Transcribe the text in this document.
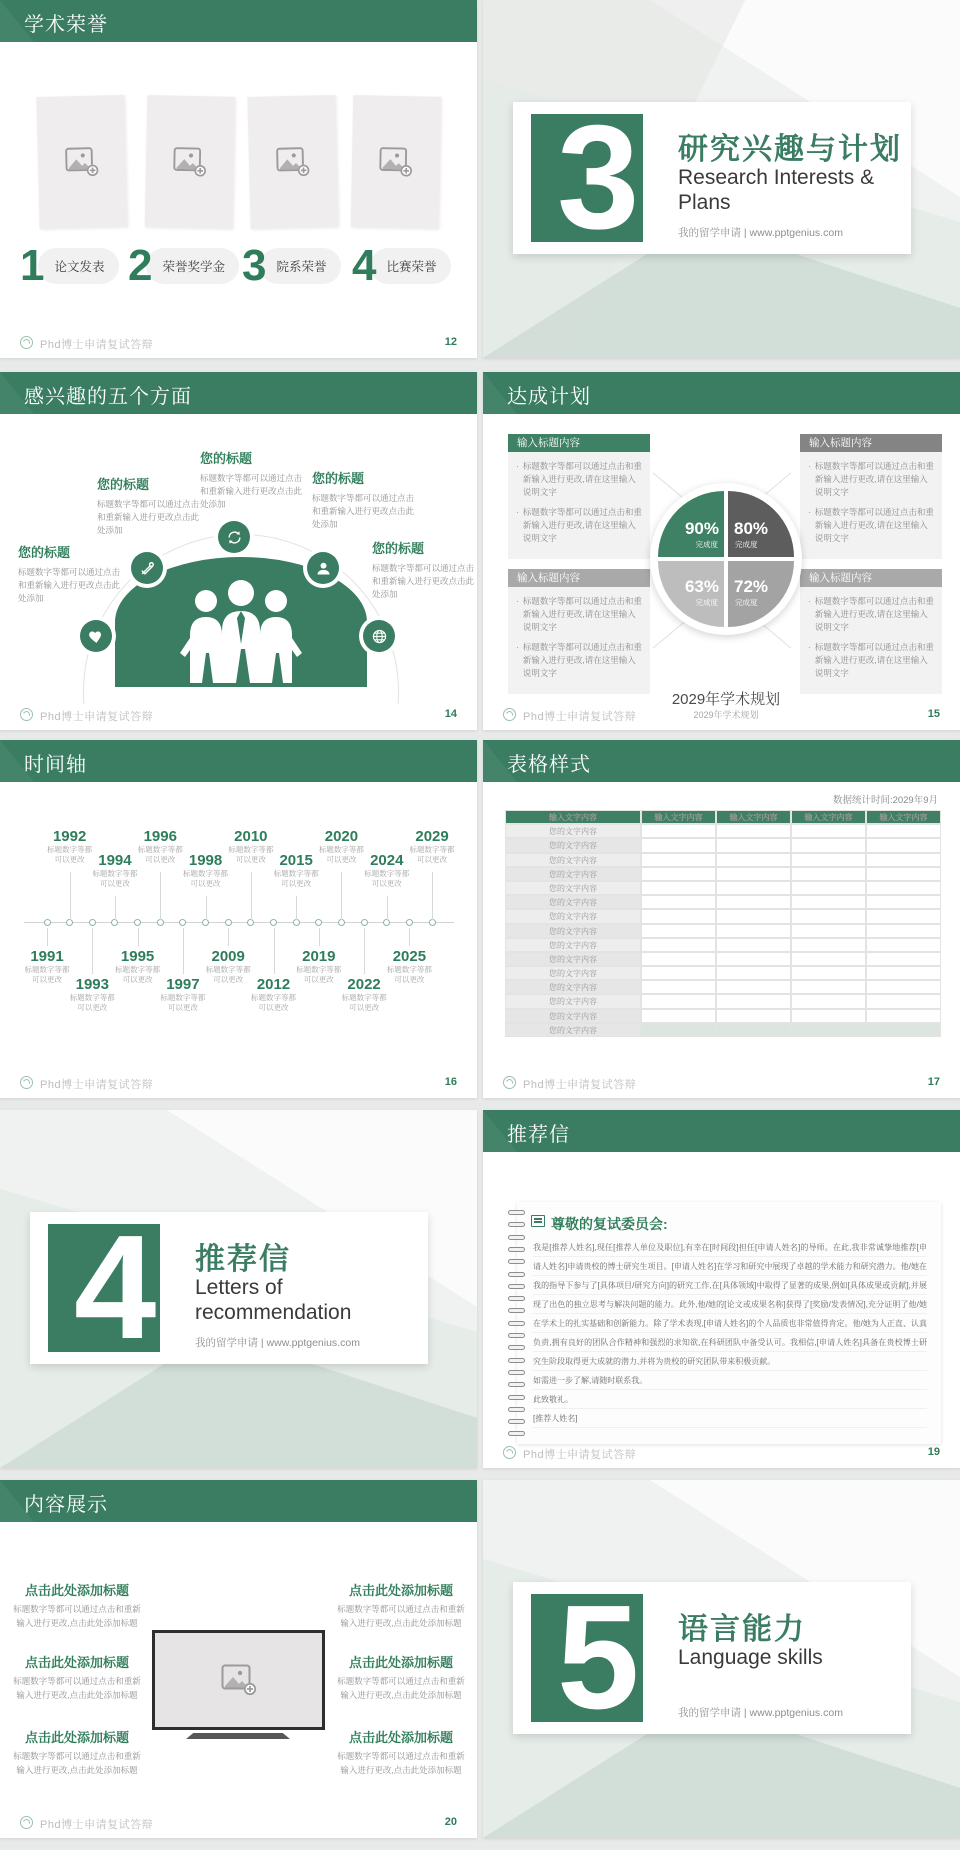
学术荣誉
1 论文发表 2 荣誉奖学金 3 院系荣誉 4 比赛荣誉
Phd博士申请复试答辩	12
3	研究兴趣与计划
Research Interests & Plans
我的留学申请 | www.pptgenius.com
感兴趣的五个方面
您的标题
标题数字等都可以通过点击和重新输入进行更改点击此处添加
您的标题
标题数字等都可以通过点击和重新输入进行更改点击此处添加
您的标题
标题数字等都可以通过点击和重新输入进行更改点击此处添加
您的标题
标题数字等都可以通过点击和重新输入进行更改点击此处添加
您的标题
标题数字等都可以通过点击和重新输入进行更改点击此处添加
Phd博士申请复试答辩	14
达成计划
输入标题内容
· 标题数字等都可以通过点击和重新输入进行更改,请在这里输入说明文字
· 标题数字等都可以通过点击和重新输入进行更改,请在这里输入说明文字
输入标题内容
· 标题数字等都可以通过点击和重新输入进行更改,请在这里输入说明文字
· 标题数字等都可以通过点击和重新输入进行更改,请在这里输入说明文字
输入标题内容
· 标题数字等都可以通过点击和重新输入进行更改,请在这里输入说明文字
· 标题数字等都可以通过点击和重新输入进行更改,请在这里输入说明文字
输入标题内容
· 标题数字等都可以通过点击和重新输入进行更改,请在这里输入说明文字
· 标题数字等都可以通过点击和重新输入进行更改,请在这里输入说明文字
90%
完成度
80%
完成度
63%
完成度
72%
完成度
2029年学术规划
2029年学术规划
Phd博士申请复试答辩	15
时间轴
1991
标题数字等都
可以更改
1992
标题数字等都
可以更改
1993
标题数字等都
可以更改
1994
标题数字等都
可以更改
1995
标题数字等都
可以更改
1996
标题数字等都
可以更改
1997
标题数字等都
可以更改
1998
标题数字等都
可以更改
2009
标题数字等都
可以更改
2010
标题数字等都
可以更改
2012
标题数字等都
可以更改
2015
标题数字等都
可以更改
2019
标题数字等都
可以更改
2020
标题数字等都
可以更改
2022
标题数字等都
可以更改
2024
标题数字等都
可以更改
2025
标题数字等都
可以更改
2029
标题数字等都
可以更改
Phd博士申请复试答辩	16
表格样式
数据统计时间:2029年9月
输入文字内容	输入文字内容	输入文字内容	输入文字内容	输入文字内容
您的文字内容
您的文字内容
您的文字内容
您的文字内容
您的文字内容
您的文字内容
您的文字内容
您的文字内容
您的文字内容
您的文字内容
您的文字内容
您的文字内容
您的文字内容
您的文字内容
您的文字内容
Phd博士申请复试答辩	17
4	推荐信
Letters of recommendation
我的留学申请 | www.pptgenius.com
推荐信
尊敬的复试委员会:
我是[推荐人姓名],现任[推荐人单位及职位],有幸在[时间段]担任[申请人姓名]的导师。在此,我非常诚挚地推荐[申请人姓名]申请贵校的博士研究生项目。[申请人姓名]在学习和研究中展现了卓越的学术能力和研究潜力。他/她在我的指导下参与了[具体项目/研究方向]的研究工作,在[具体领域]中取得了显著的成果,例如[具体成果或贡献],并展现了出色的独立思考与解决问题的能力。此外,他/她的[论文或成果名称]获得了[奖励/发表情况],充分证明了他/她在学术上的扎实基础和创新能力。除了学术表现,[申请人姓名]的个人品质也非常值得肯定。他/她为人正直、认真负责,拥有良好的团队合作精神和强烈的求知欲,在科研团队中备受认可。我相信,[申请人姓名]具备在贵校博士研究生阶段取得更大成就的潜力,并将为贵校的研究团队带来积极贡献。
如需进一步了解,请随时联系我。
此致敬礼。
[推荐人姓名]
Phd博士申请复试答辩	19
内容展示
点击此处添加标题
标题数字等都可以通过点击和重新输入进行更改,点击此处添加标题
点击此处添加标题
标题数字等都可以通过点击和重新输入进行更改,点击此处添加标题
点击此处添加标题
标题数字等都可以通过点击和重新输入进行更改,点击此处添加标题
点击此处添加标题
标题数字等都可以通过点击和重新输入进行更改,点击此处添加标题
点击此处添加标题
标题数字等都可以通过点击和重新输入进行更改,点击此处添加标题
点击此处添加标题
标题数字等都可以通过点击和重新输入进行更改,点击此处添加标题
Phd博士申请复试答辩	20
5	语言能力
Language skills
我的留学申请 | www.pptgenius.com
